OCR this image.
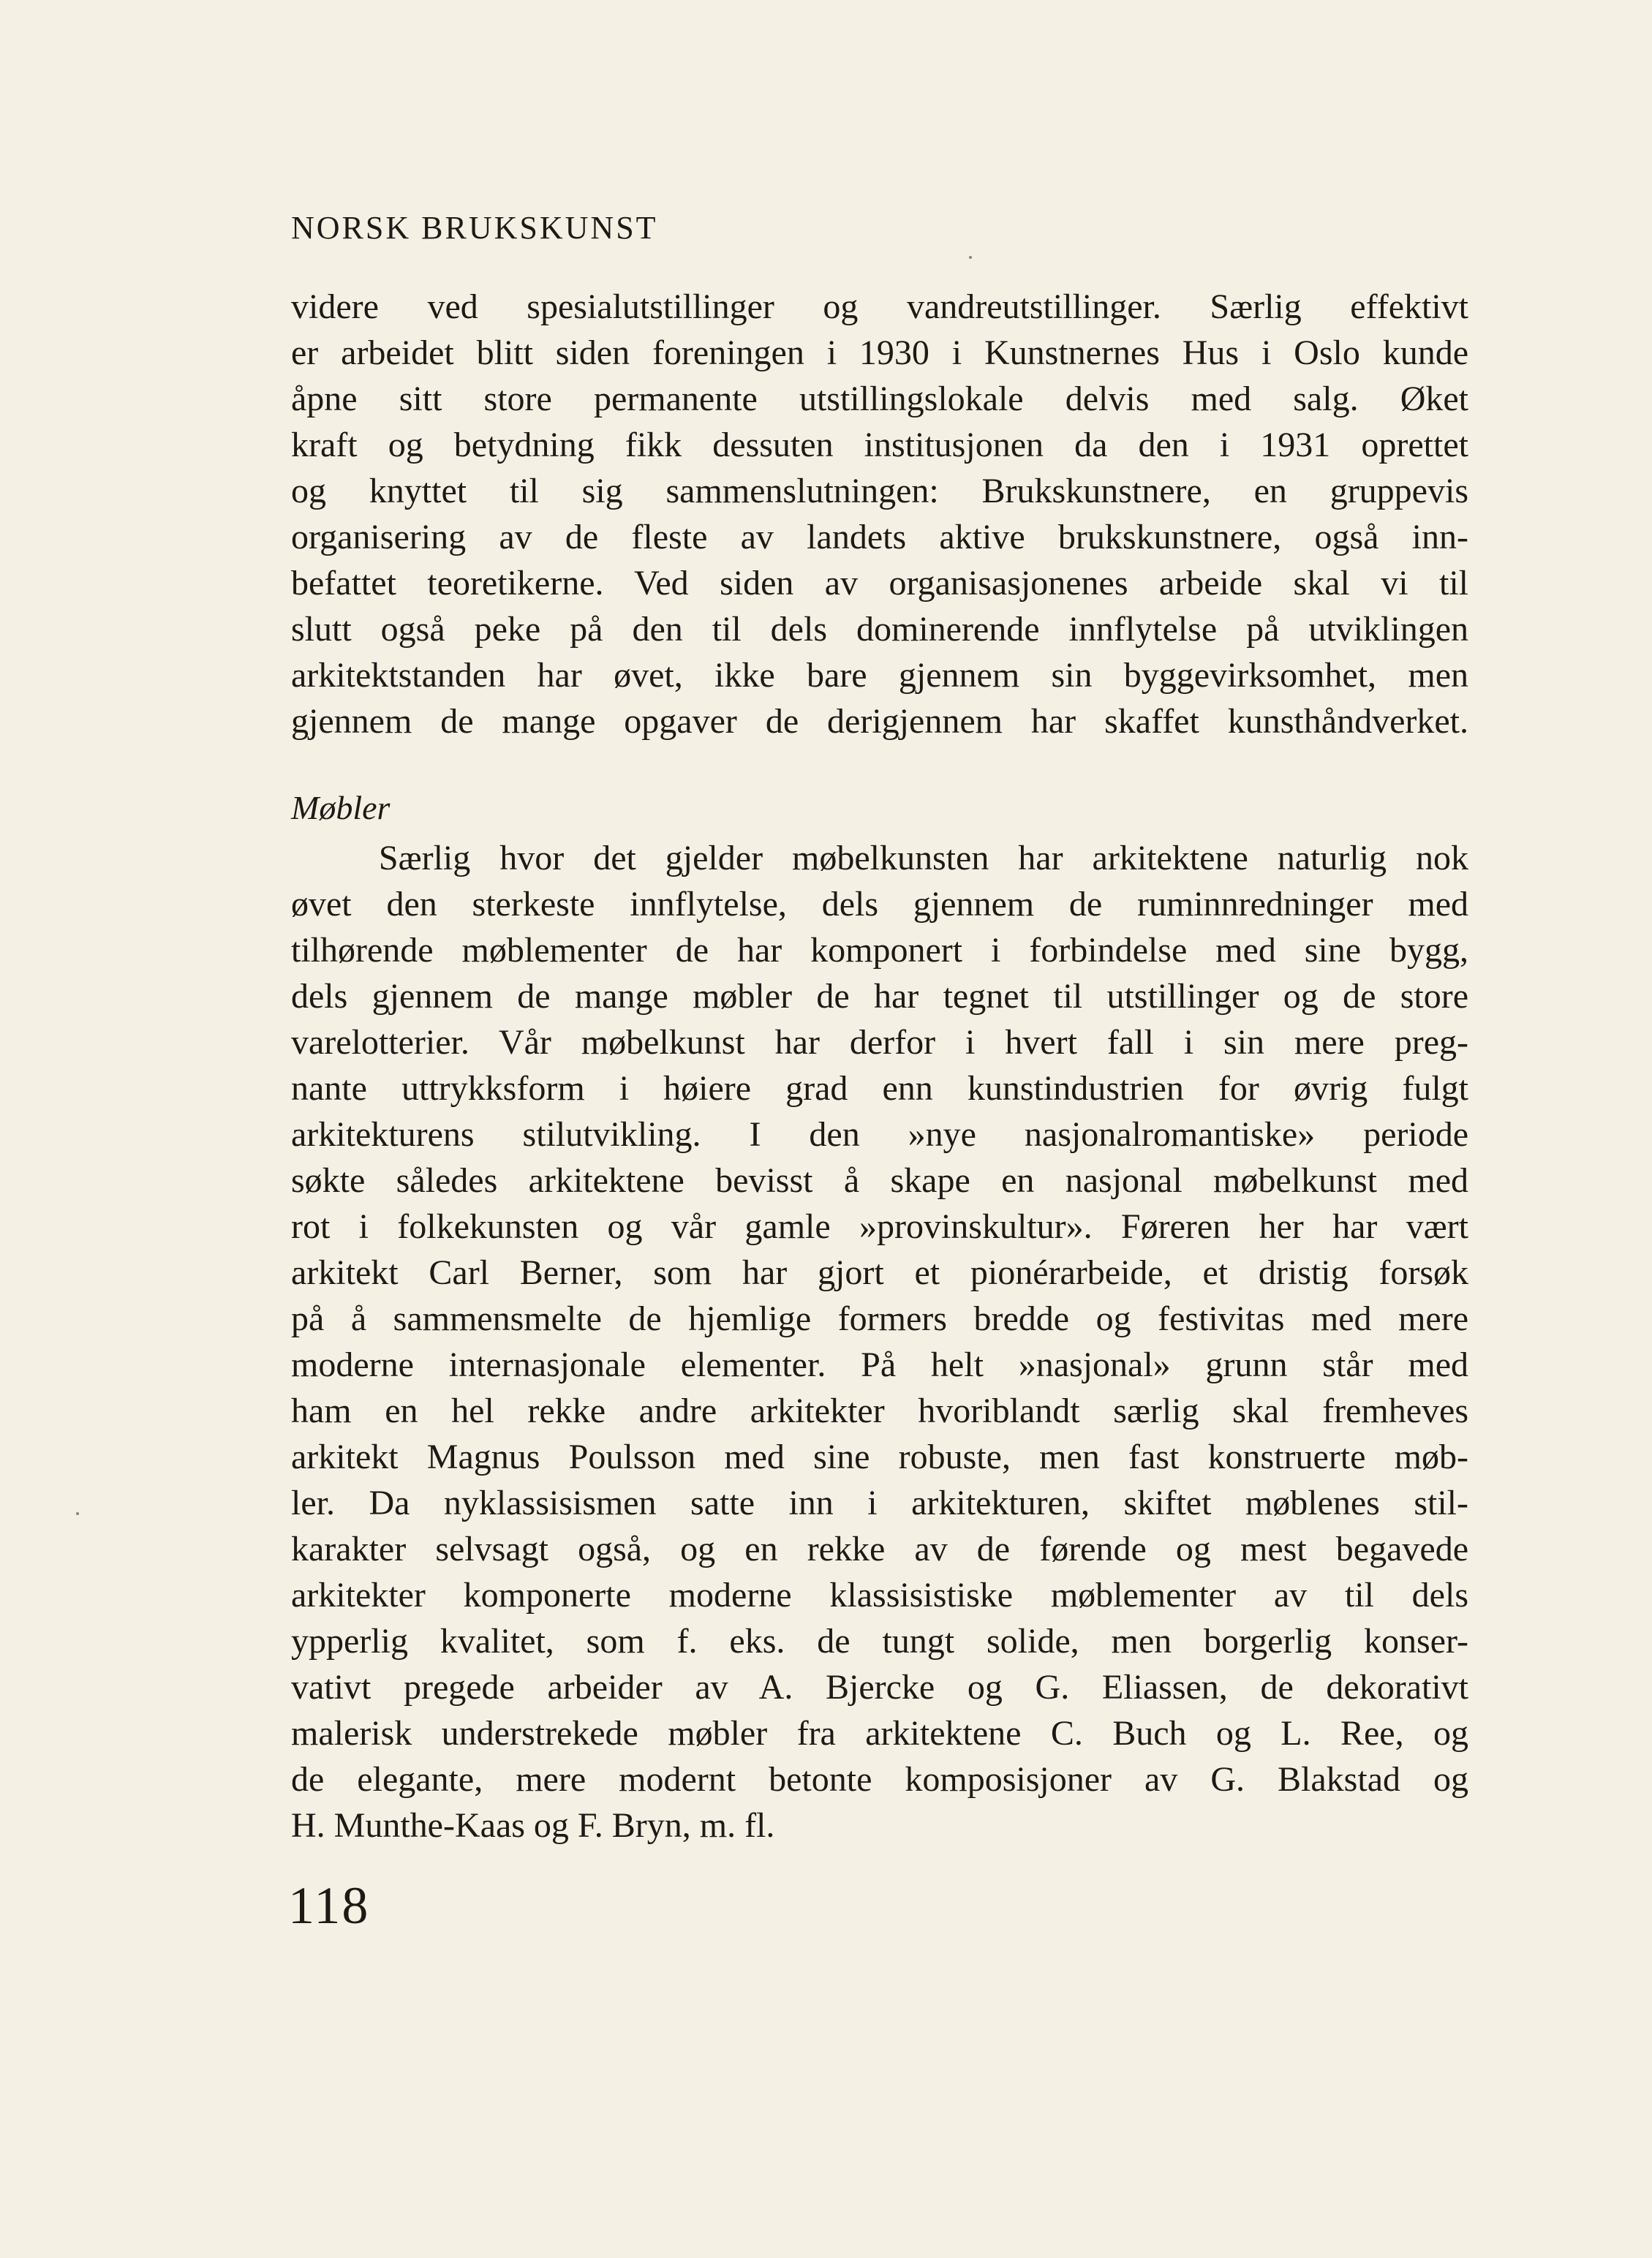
NORSK BRUKSKUNST
videre ved spesialutstillinger og vandreutstillinger. Særlig effektivt
er arbeidet blitt siden foreningen i 1930 i Kunstnernes Hus i Oslo kunde
åpne sitt store permanente utstillingslokale delvis med salg. Øket
kraft og betydning fikk dessuten institusjonen da den i 1931 oprettet
og knyttet til sig sammenslutningen: Brukskunstnere, en gruppevis
organisering av de fleste av landets aktive brukskunstnere, også inn-
befattet teoretikerne. Ved siden av organisasjonenes arbeide skal vi til
slutt også peke på den til dels dominerende innflytelse på utviklingen
arkitektstanden har øvet, ikke bare gjennem sin byggevirksomhet, men
gjennem de mange opgaver de derigjennem har skaffet kunsthåndverket.
Møbler
Særlig hvor det gjelder møbelkunsten har arkitektene naturlig nok
øvet den sterkeste innflytelse, dels gjennem de ruminnredninger med
tilhørende møblementer de har komponert i forbindelse med sine bygg,
dels gjennem de mange møbler de har tegnet til utstillinger og de store
varelotterier. Vår møbelkunst har derfor i hvert fall i sin mere preg-
nante uttrykksform i høiere grad enn kunstindustrien for øvrig fulgt
arkitekturens stilutvikling. I den »nye nasjonalromantiske» periode
søkte således arkitektene bevisst å skape en nasjonal møbelkunst med
rot i folkekunsten og vår gamle »provinskultur». Føreren her har vært
arkitekt Carl Berner, som har gjort et pionérarbeide, et dristig forsøk
på å sammensmelte de hjemlige formers bredde og festivitas med mere
moderne internasjonale elementer. På helt »nasjonal» grunn står med
ham en hel rekke andre arkitekter hvoriblandt særlig skal fremheves
arkitekt Magnus Poulsson med sine robuste, men fast konstruerte møb-
ler. Da nyklassisismen satte inn i arkitekturen, skiftet møblenes stil-
karakter selvsagt også, og en rekke av de førende og mest begavede
arkitekter komponerte moderne klassisistiske møblementer av til dels
ypperlig kvalitet, som f. eks. de tungt solide, men borgerlig konser-
vativt pregede arbeider av A. Bjercke og G. Eliassen, de dekorativt
malerisk understrekede møbler fra arkitektene C. Buch og L. Ree, og
de elegante, mere modernt betonte komposisjoner av G. Blakstad og
H. Munthe-Kaas og F. Bryn, m. fl.
118
